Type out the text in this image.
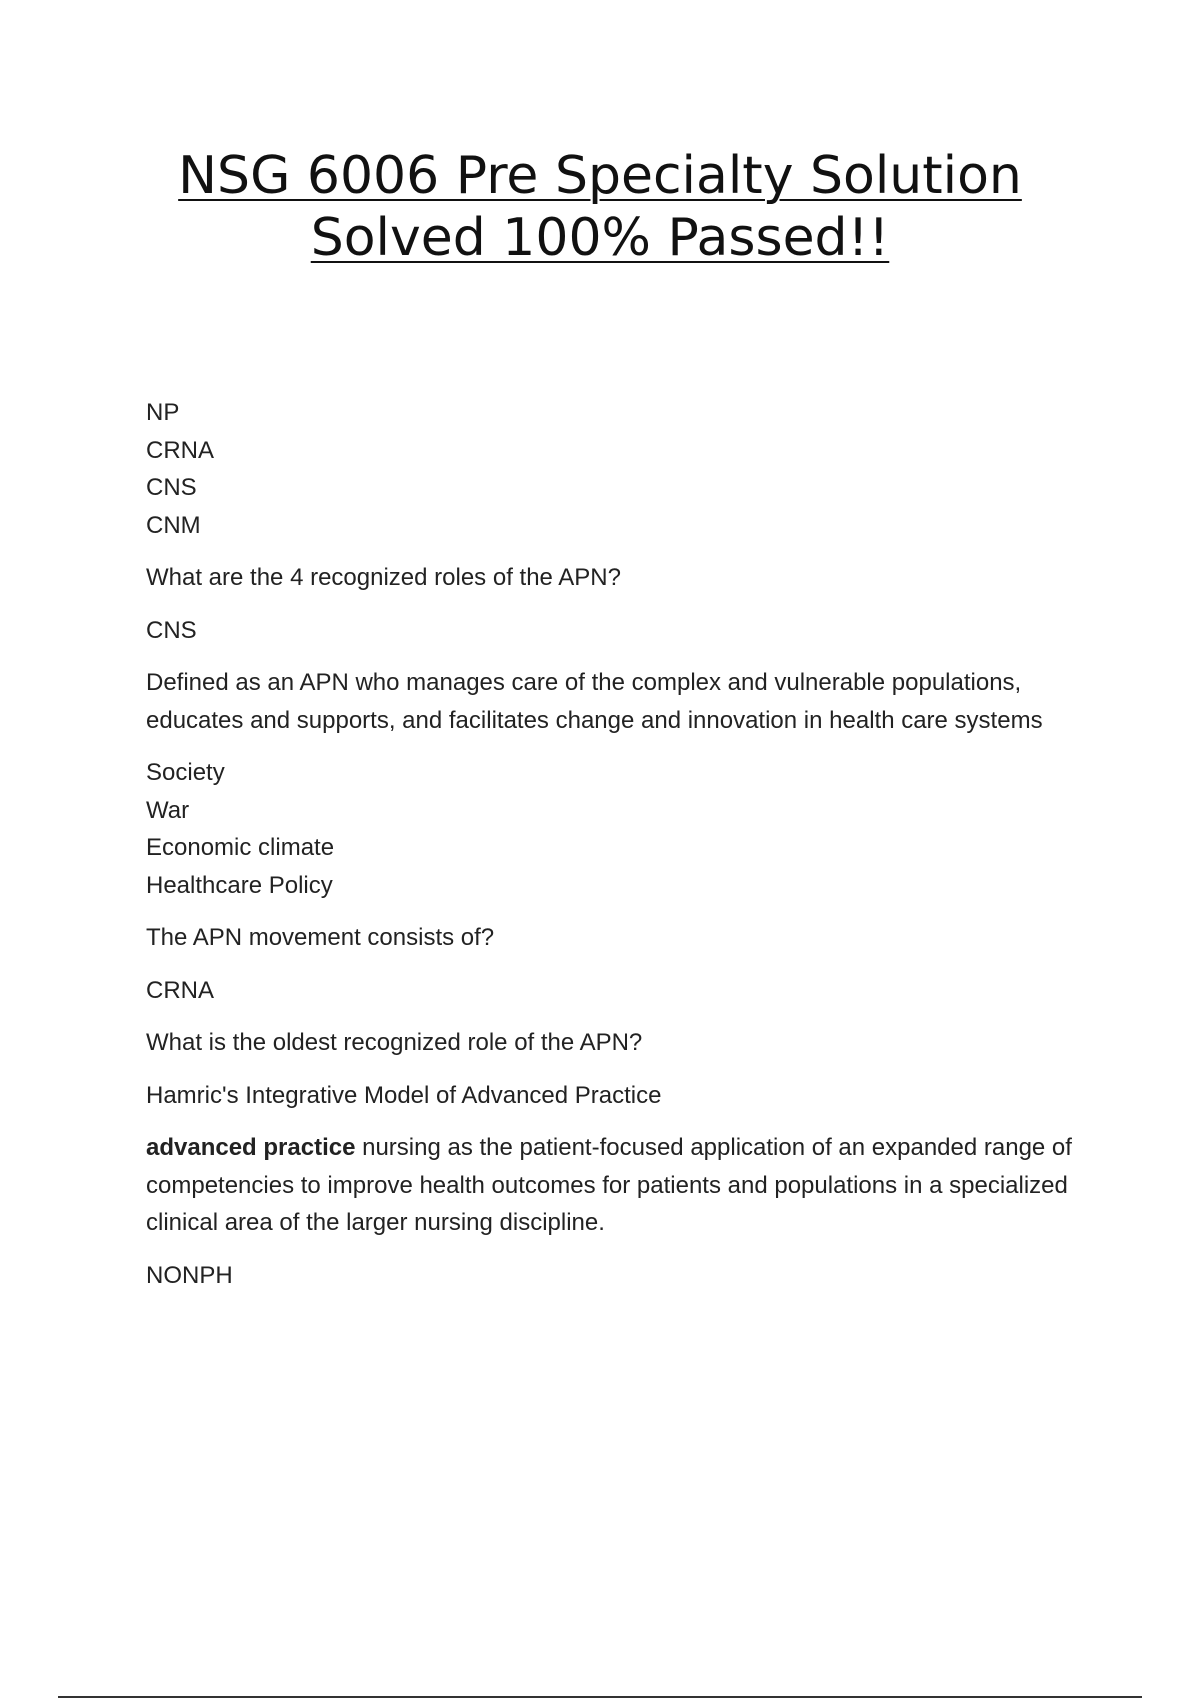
NSG 6006 Pre Specialty Solution Solved 100% Passed!!

NP
CRNA
CNS
CNM

What are the 4 recognized roles of the APN?

CNS

Defined as an APN who manages care of the complex and vulnerable populations, educates and supports, and facilitates change and innovation in health care systems

Society
War
Economic climate
Healthcare Policy

The APN movement consists of?

CRNA

What is the oldest recognized role of the APN?

Hamric's Integrative Model of Advanced Practice

advanced practice nursing as the patient-focused application of an expanded range of competencies to improve health outcomes for patients and populations in a specialized clinical area of the larger nursing discipline.

NONPH
